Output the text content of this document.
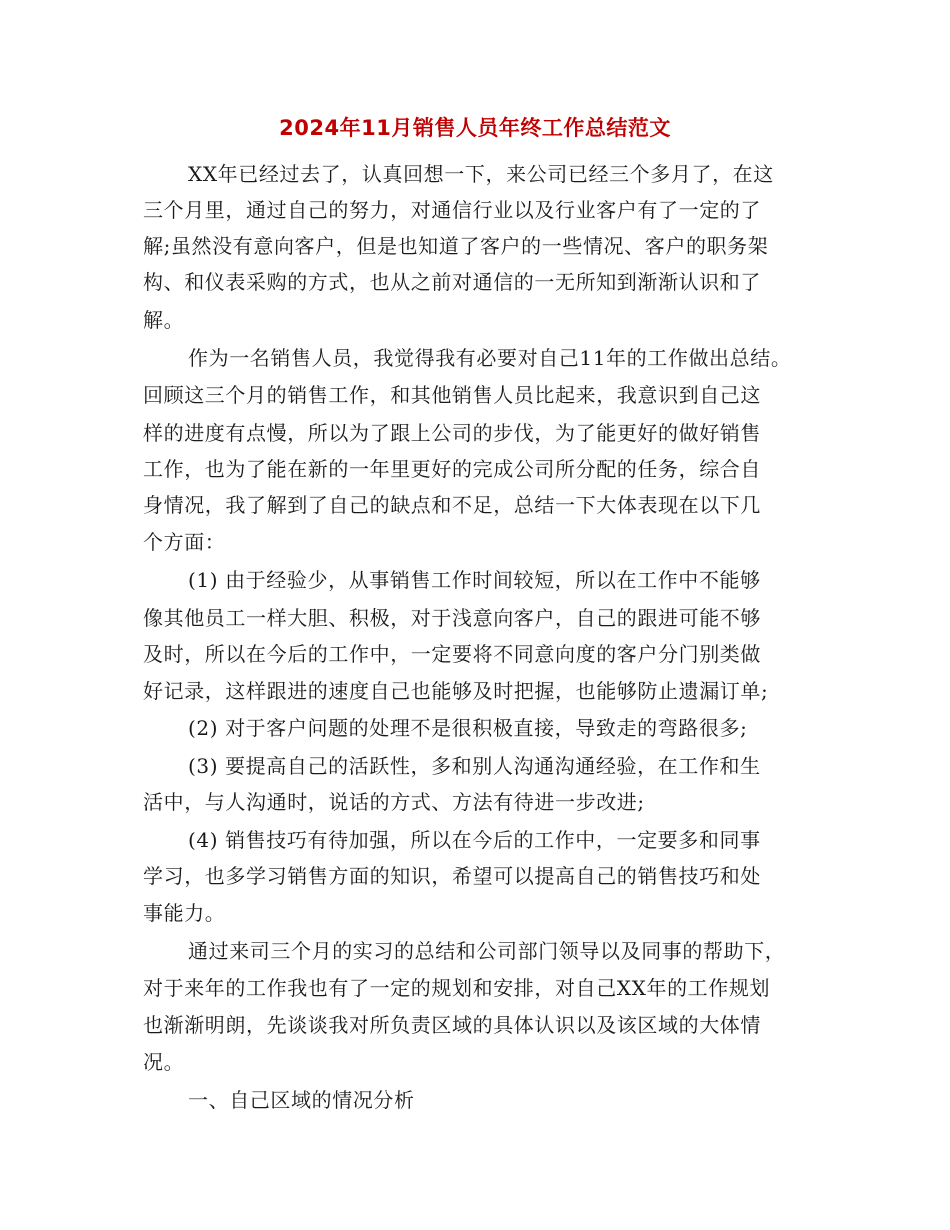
2024年11月销售人员年终工作总结范文
XX年已经过去了，认真回想一下，来公司已经三个多月了，在这
三个月里，通过自己的努力，对通信行业以及行业客户有了一定的了
解;虽然没有意向客户，但是也知道了客户的一些情况、客户的职务架
构、和仪表采购的方式，也从之前对通信的一无所知到渐渐认识和了
解。
作为一名销售人员，我觉得我有必要对自己11年的工作做出总结。
回顾这三个月的销售工作，和其他销售人员比起来，我意识到自己这
样的进度有点慢，所以为了跟上公司的步伐，为了能更好的做好销售
工作，也为了能在新的一年里更好的完成公司所分配的任务，综合自
身情况，我了解到了自己的缺点和不足，总结一下大体表现在以下几
个方面：
(1) 由于经验少，从事销售工作时间较短，所以在工作中不能够
像其他员工一样大胆、积极，对于浅意向客户，自己的跟进可能不够
及时，所以在今后的工作中，一定要将不同意向度的客户分门别类做
好记录，这样跟进的速度自己也能够及时把握，也能够防止遗漏订单;
(2) 对于客户问题的处理不是很积极直接，导致走的弯路很多;
(3) 要提高自己的活跃性，多和别人沟通沟通经验，在工作和生
活中，与人沟通时，说话的方式、方法有待进一步改进;
(4) 销售技巧有待加强，所以在今后的工作中，一定要多和同事
学习，也多学习销售方面的知识，希望可以提高自己的销售技巧和处
事能力。
通过来司三个月的实习的总结和公司部门领导以及同事的帮助下，
对于来年的工作我也有了一定的规划和安排，对自己XX年的工作规划
也渐渐明朗，先谈谈我对所负责区域的具体认识以及该区域的大体情
况。
一、自己区域的情况分析
